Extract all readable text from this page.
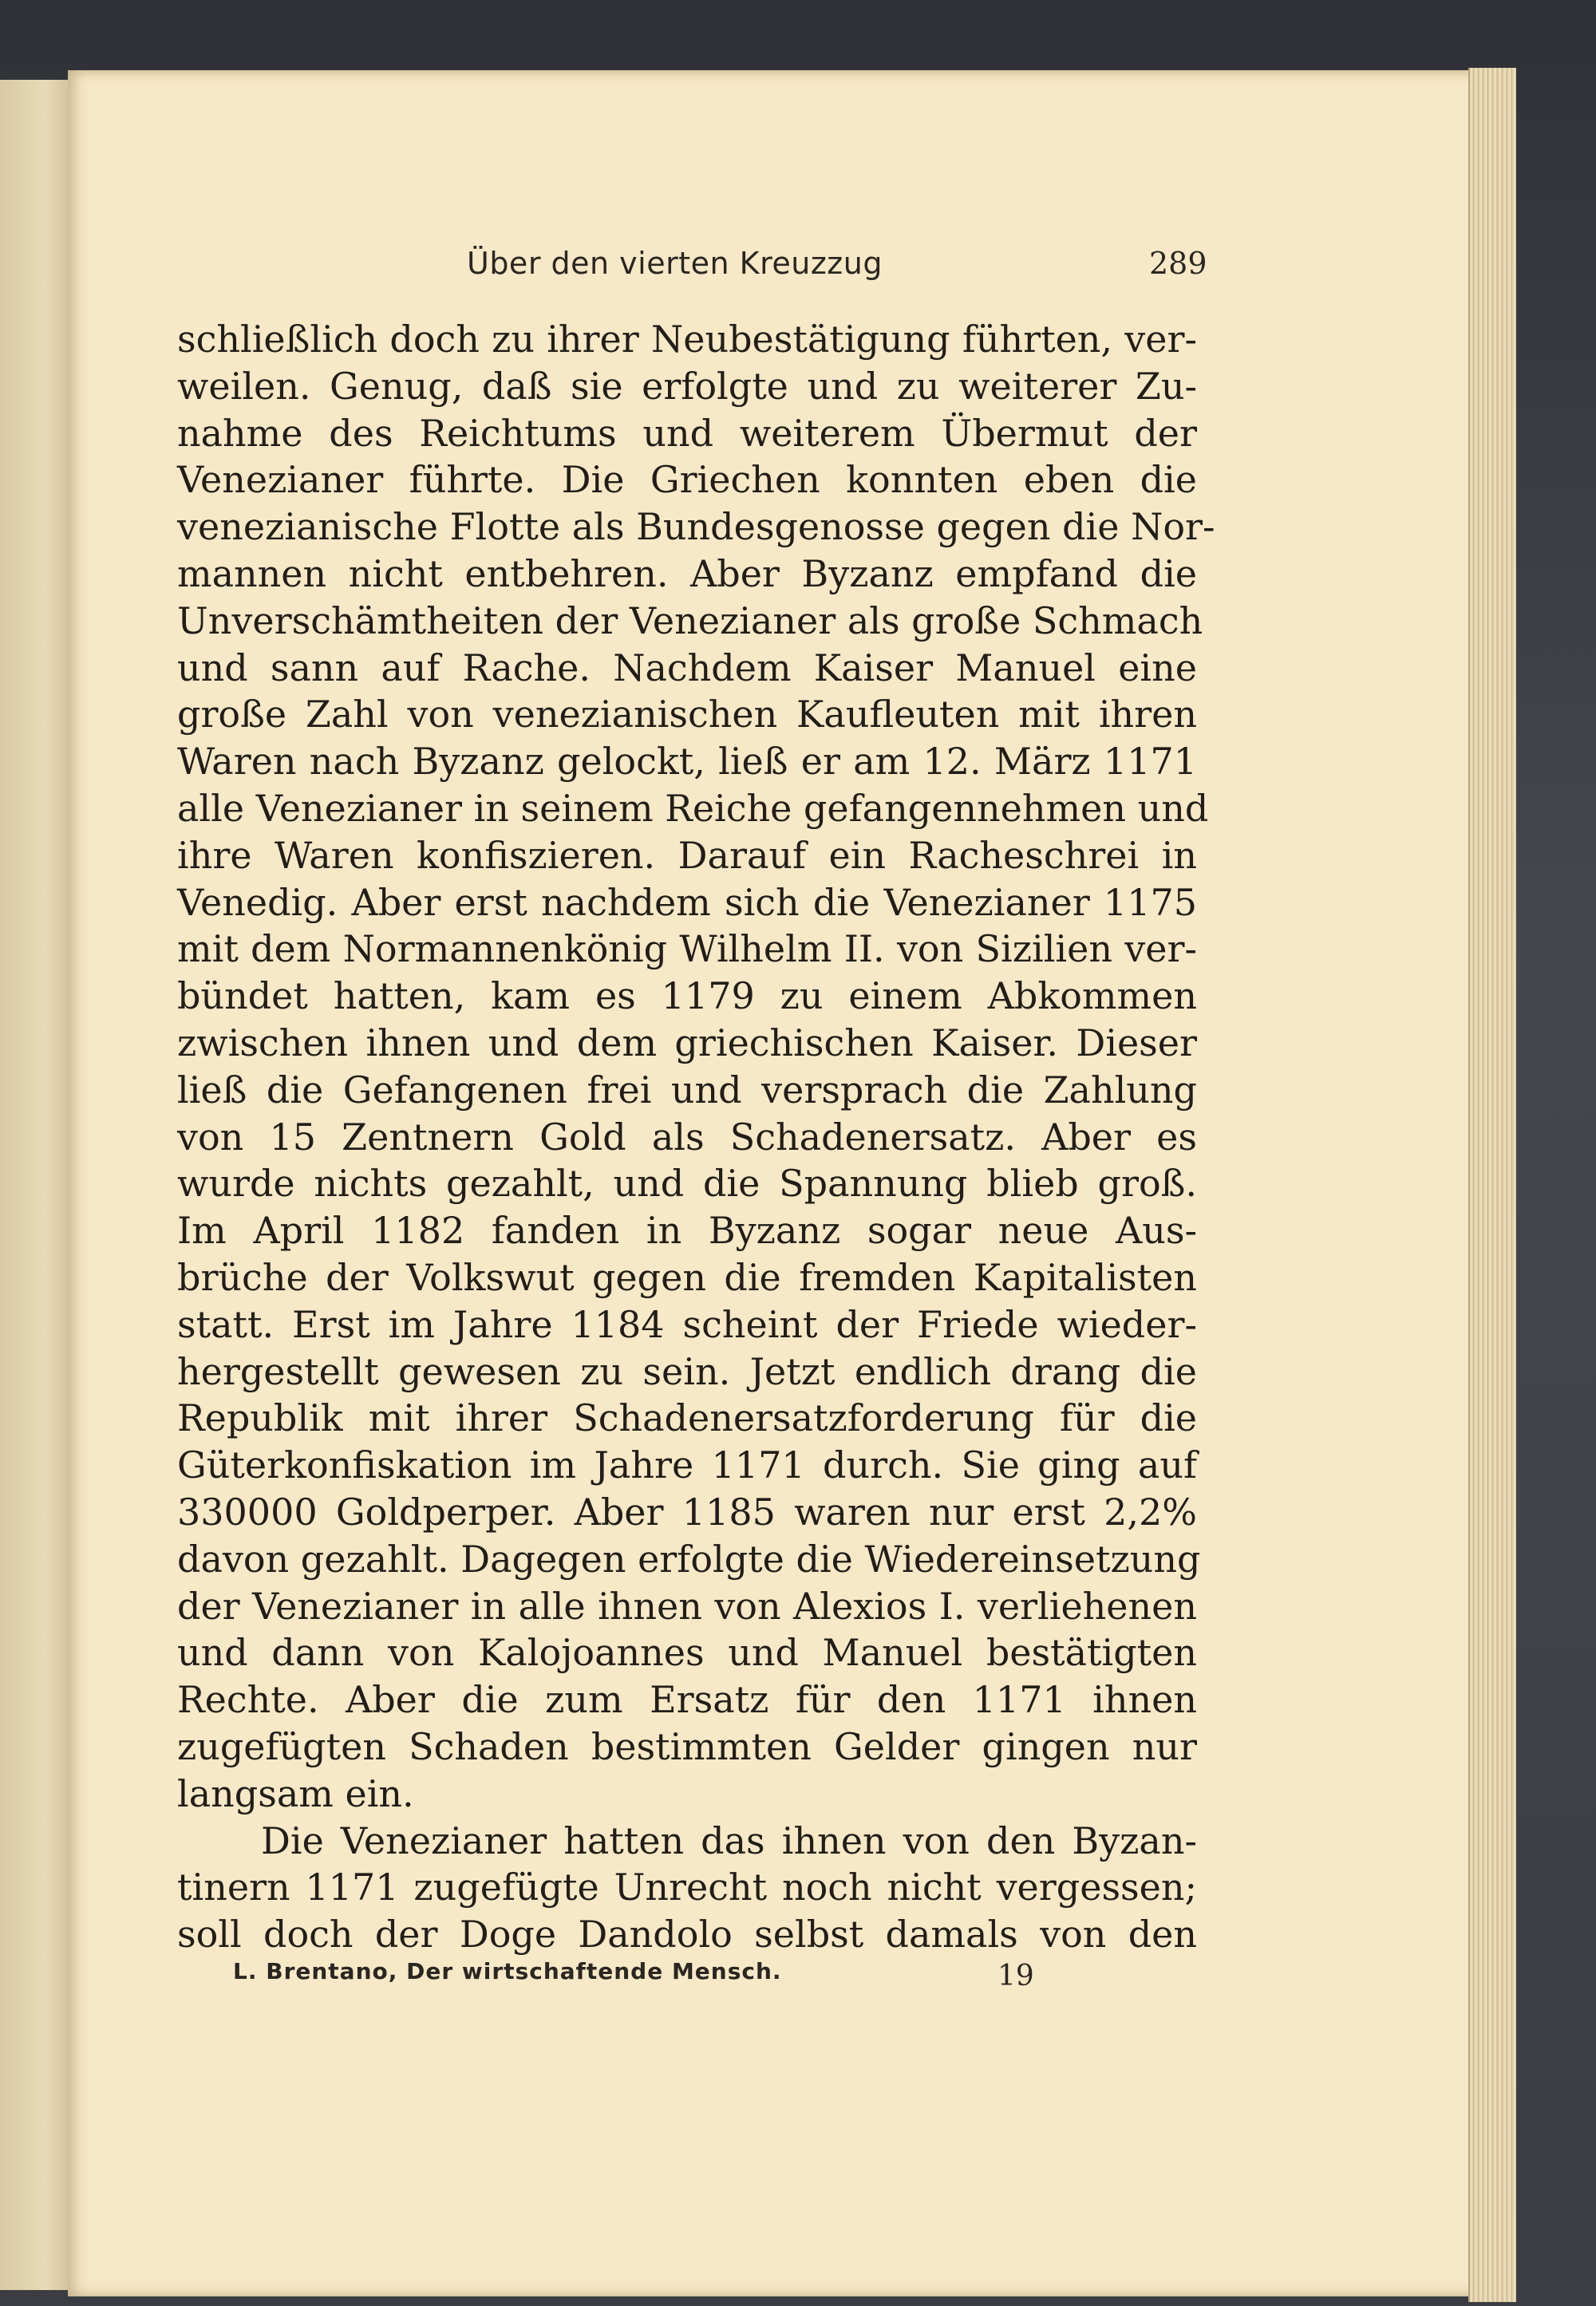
Über den vierten Kreuzzug	289
schließlich doch zu ihrer Neubestätigung führten, ver-
weilen. Genug, daß sie erfolgte und zu weiterer Zu-
nahme des Reichtums und weiterem Übermut der
Venezianer führte. Die Griechen konnten eben die
venezianische Flotte als Bundesgenosse gegen die Nor-
mannen nicht entbehren. Aber Byzanz empfand die
Unverschämtheiten der Venezianer als große Schmach
und sann auf Rache. Nachdem Kaiser Manuel eine
große Zahl von venezianischen Kaufleuten mit ihren
Waren nach Byzanz gelockt, ließ er am 12. März 1171
alle Venezianer in seinem Reiche gefangennehmen und
ihre Waren konfiszieren. Darauf ein Racheschrei in
Venedig. Aber erst nachdem sich die Venezianer 1175
mit dem Normannenkönig Wilhelm II. von Sizilien ver-
bündet hatten, kam es 1179 zu einem Abkommen
zwischen ihnen und dem griechischen Kaiser. Dieser
ließ die Gefangenen frei und versprach die Zahlung
von 15 Zentnern Gold als Schadenersatz. Aber es
wurde nichts gezahlt, und die Spannung blieb groß.
Im April 1182 fanden in Byzanz sogar neue Aus-
brüche der Volkswut gegen die fremden Kapitalisten
statt. Erst im Jahre 1184 scheint der Friede wieder-
hergestellt gewesen zu sein. Jetzt endlich drang die
Republik mit ihrer Schadenersatzforderung für die
Güterkonfiskation im Jahre 1171 durch. Sie ging auf
330000 Goldperper. Aber 1185 waren nur erst 2,2%
davon gezahlt. Dagegen erfolgte die Wiedereinsetzung
der Venezianer in alle ihnen von Alexios I. verliehenen
und dann von Kalojoannes und Manuel bestätigten
Rechte. Aber die zum Ersatz für den 1171 ihnen
zugefügten Schaden bestimmten Gelder gingen nur
langsam ein.
Die Venezianer hatten das ihnen von den Byzan-
tinern 1171 zugefügte Unrecht noch nicht vergessen;
soll doch der Doge Dandolo selbst damals von den
L. Brentano, Der wirtschaftende Mensch.	19
